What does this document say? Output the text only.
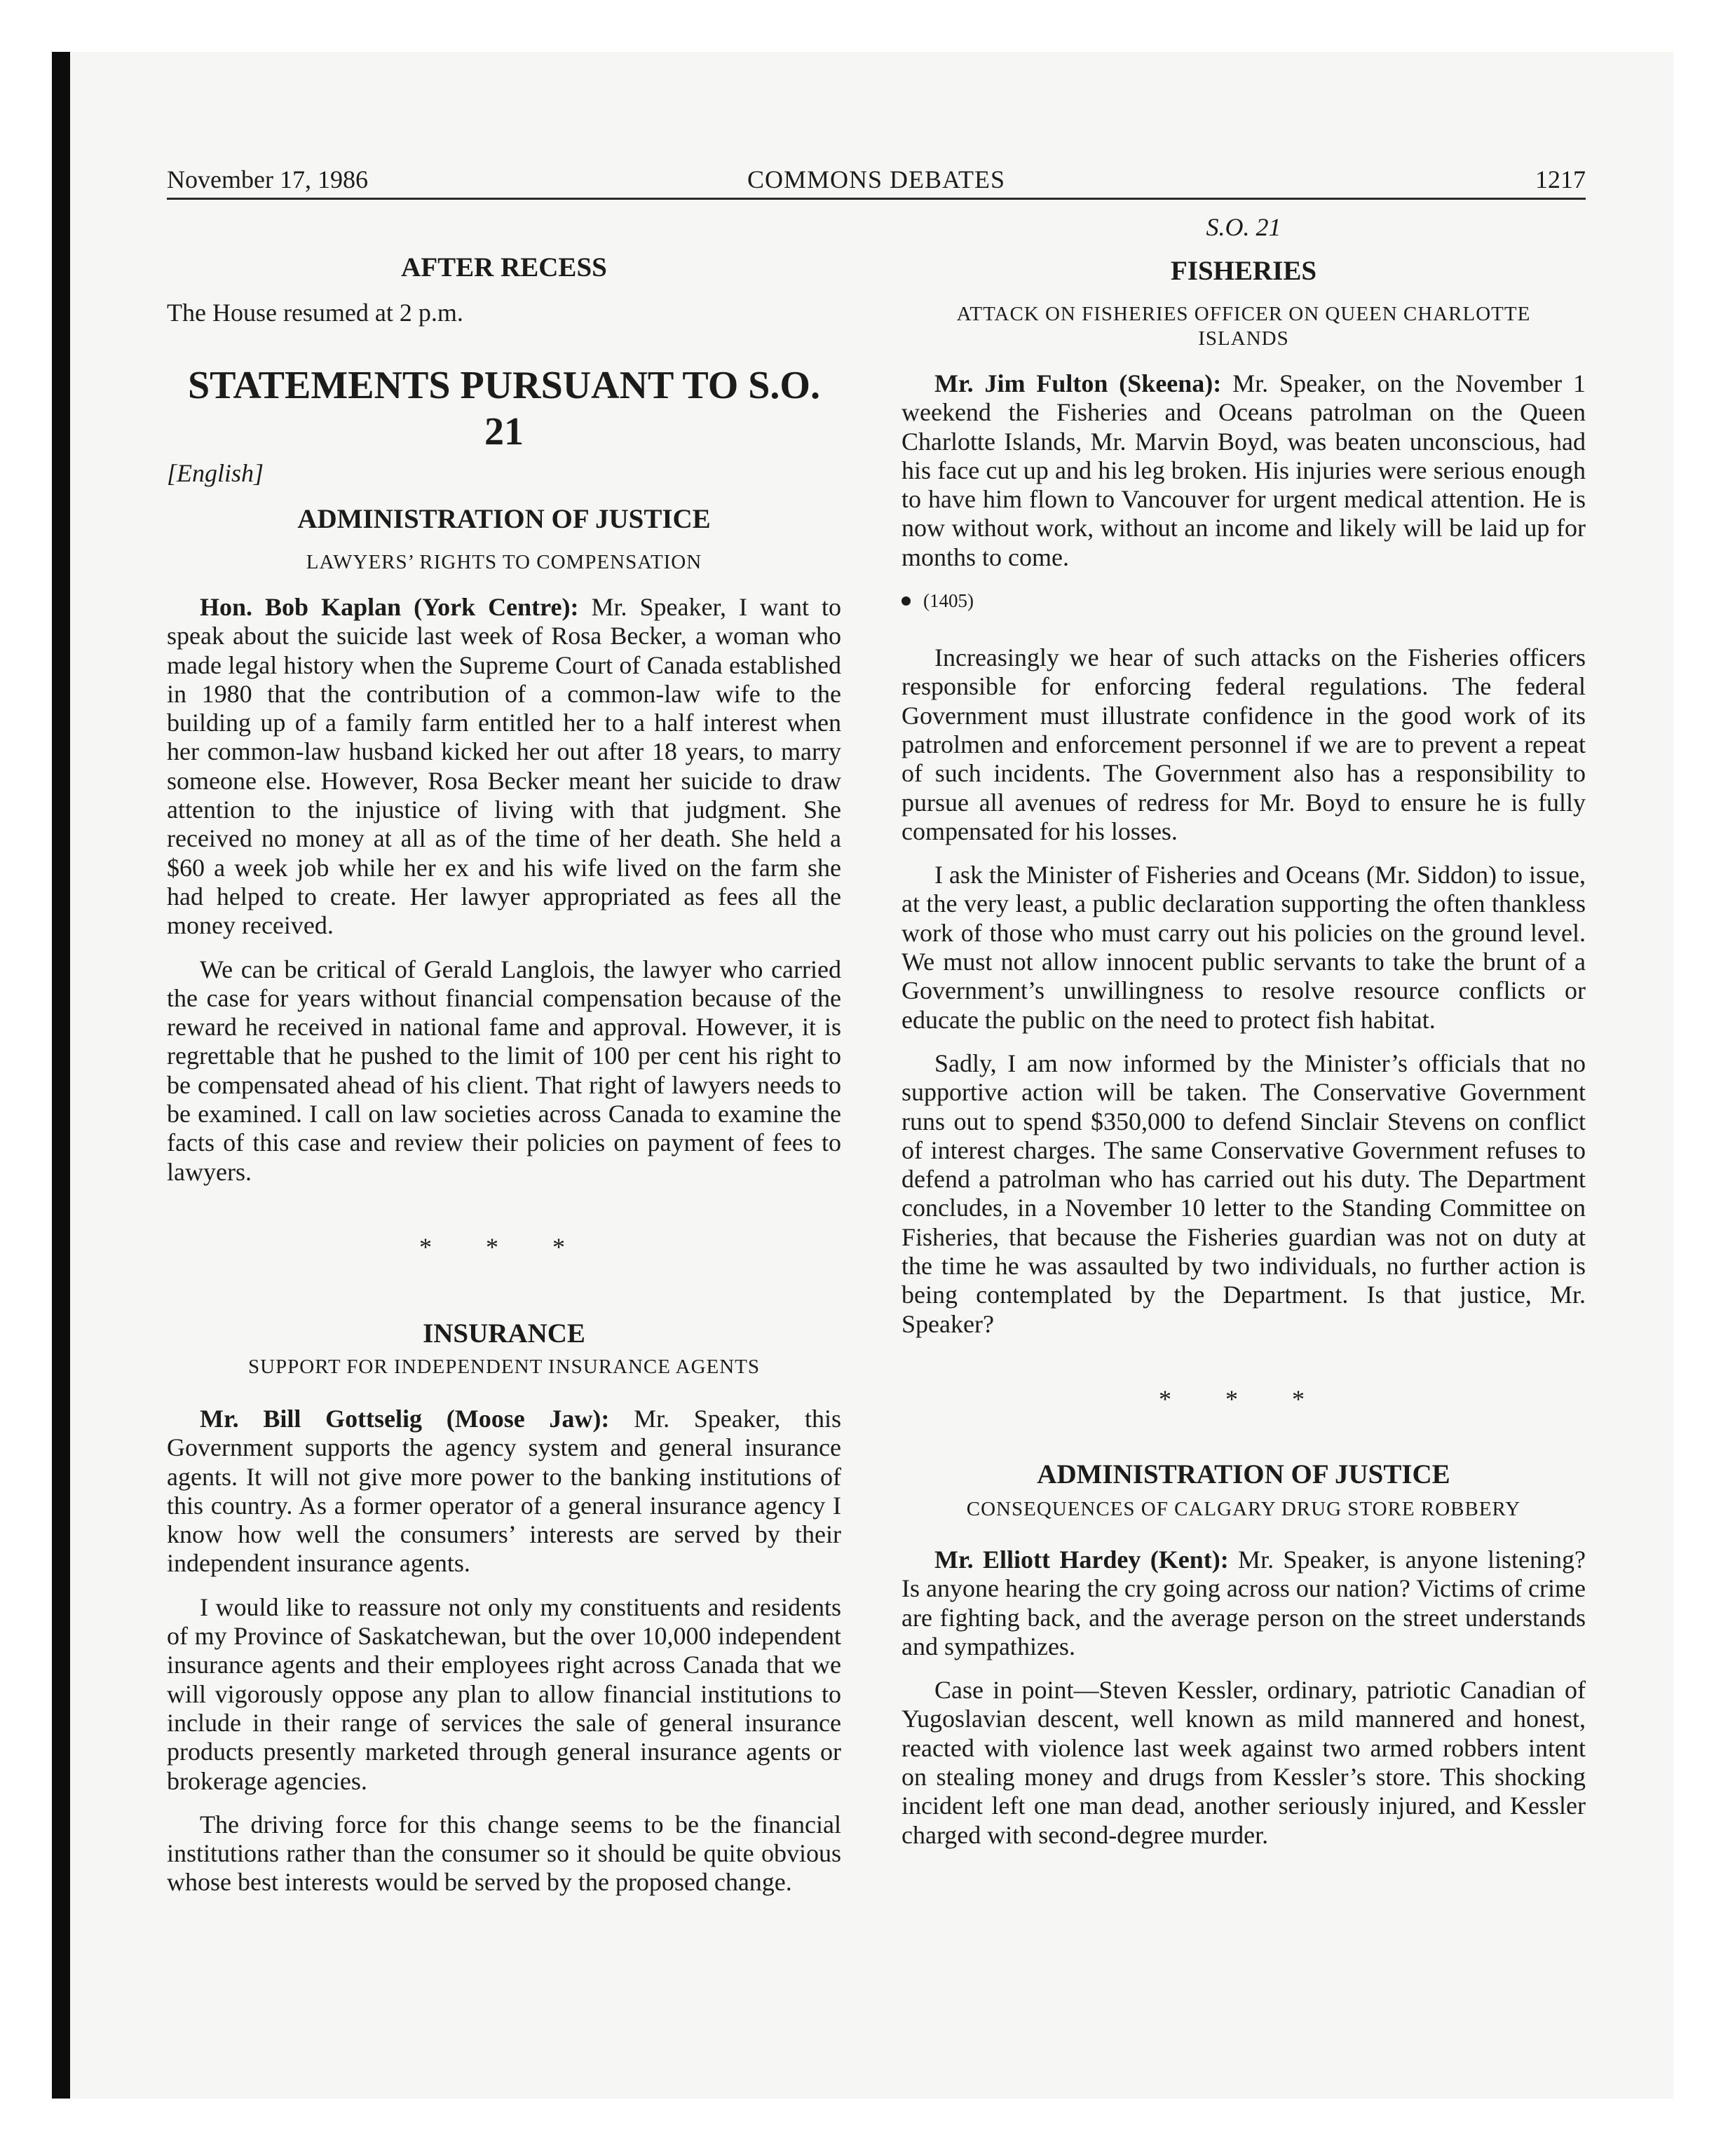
November 17, 1986	COMMONS DEBATES	1217

AFTER RECESS

The House resumed at 2 p.m.

STATEMENTS PURSUANT TO S.O. 21

[English]

ADMINISTRATION OF JUSTICE

LAWYERS’ RIGHTS TO COMPENSATION

Hon. Bob Kaplan (York Centre): Mr. Speaker, I want to speak about the suicide last week of Rosa Becker, a woman who made legal history when the Supreme Court of Canada established in 1980 that the contribution of a common-law wife to the building up of a family farm entitled her to a half interest when her common-law husband kicked her out after 18 years, to marry someone else. However, Rosa Becker meant her suicide to draw attention to the injustice of living with that judgment. She received no money at all as of the time of her death. She held a $60 a week job while her ex and his wife lived on the farm she had helped to create. Her lawyer appropriated as fees all the money received.

We can be critical of Gerald Langlois, the lawyer who carried the case for years without financial compensation because of the reward he received in national fame and approval. However, it is regrettable that he pushed to the limit of 100 per cent his right to be compensated ahead of his client. That right of lawyers needs to be examined. I call on law societies across Canada to examine the facts of this case and review their policies on payment of fees to lawyers.

* * *

INSURANCE

SUPPORT FOR INDEPENDENT INSURANCE AGENTS

Mr. Bill Gottselig (Moose Jaw): Mr. Speaker, this Government supports the agency system and general insurance agents. It will not give more power to the banking institutions of this country. As a former operator of a general insurance agency I know how well the consumers’ interests are served by their independent insurance agents.

I would like to reassure not only my constituents and residents of my Province of Saskatchewan, but the over 10,000 independent insurance agents and their employees right across Canada that we will vigorously oppose any plan to allow financial institutions to include in their range of services the sale of general insurance products presently marketed through general insurance agents or brokerage agencies.

The driving force for this change seems to be the financial institutions rather than the consumer so it should be quite obvious whose best interests would be served by the proposed change.

S.O. 21

FISHERIES

ATTACK ON FISHERIES OFFICER ON QUEEN CHARLOTTE

ISLANDS

Mr. Jim Fulton (Skeena): Mr. Speaker, on the November 1 weekend the Fisheries and Oceans patrolman on the Queen Charlotte Islands, Mr. Marvin Boyd, was beaten unconscious, had his face cut up and his leg broken. His injuries were serious enough to have him flown to Vancouver for urgent medical attention. He is now without work, without an income and likely will be laid up for months to come.

(1405)

Increasingly we hear of such attacks on the Fisheries officers responsible for enforcing federal regulations. The federal Government must illustrate confidence in the good work of its patrolmen and enforcement personnel if we are to prevent a repeat of such incidents. The Government also has a responsibility to pursue all avenues of redress for Mr. Boyd to ensure he is fully compensated for his losses.

I ask the Minister of Fisheries and Oceans (Mr. Siddon) to issue, at the very least, a public declaration supporting the often thankless work of those who must carry out his policies on the ground level. We must not allow innocent public servants to take the brunt of a Government’s unwillingness to resolve resource conflicts or educate the public on the need to protect fish habitat.

Sadly, I am now informed by the Minister’s officials that no supportive action will be taken. The Conservative Government runs out to spend $350,000 to defend Sinclair Stevens on conflict of interest charges. The same Conservative Government refuses to defend a patrolman who has carried out his duty. The Department concludes, in a November 10 letter to the Standing Committee on Fisheries, that because the Fisheries guardian was not on duty at the time he was assaulted by two individuals, no further action is being contemplated by the Department. Is that justice, Mr. Speaker?

* * *

ADMINISTRATION OF JUSTICE

CONSEQUENCES OF CALGARY DRUG STORE ROBBERY

Mr. Elliott Hardey (Kent): Mr. Speaker, is anyone listening? Is anyone hearing the cry going across our nation? Victims of crime are fighting back, and the average person on the street understands and sympathizes.

Case in point—Steven Kessler, ordinary, patriotic Canadian of Yugoslavian descent, well known as mild mannered and honest, reacted with violence last week against two armed robbers intent on stealing money and drugs from Kessler’s store. This shocking incident left one man dead, another seriously injured, and Kessler charged with second-degree murder.
